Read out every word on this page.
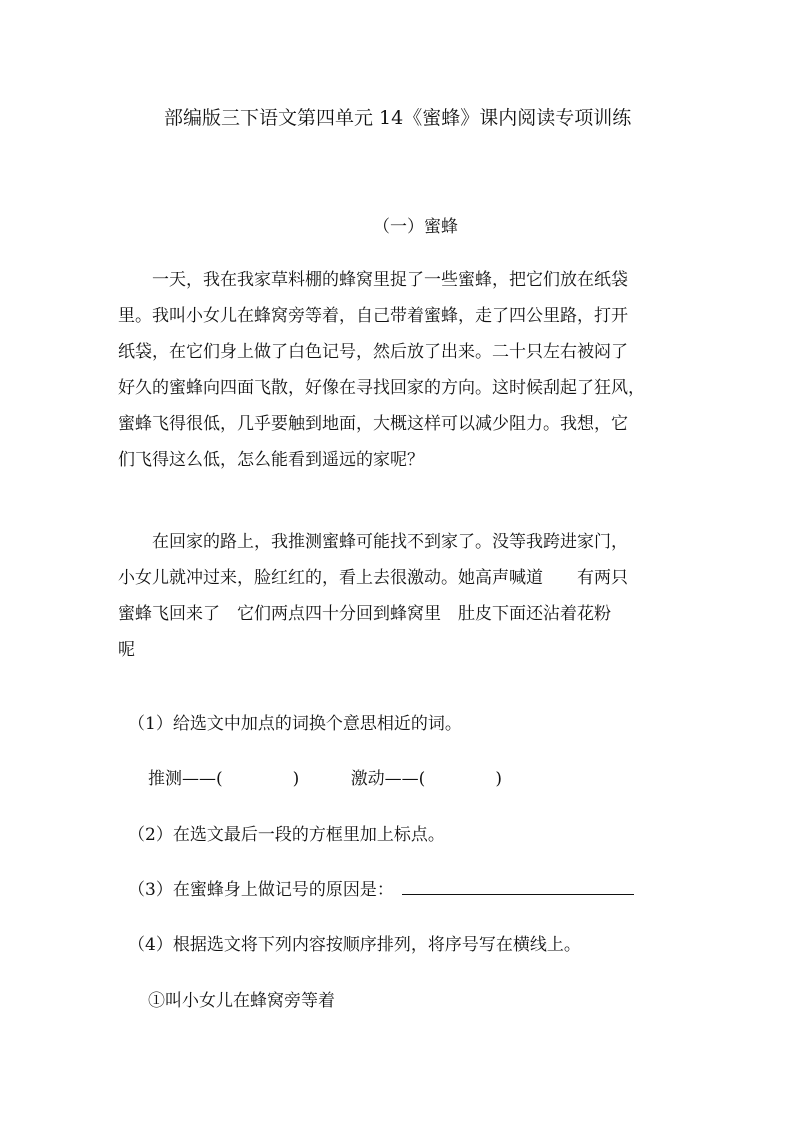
部编版三下语文第四单元 14《蜜蜂》课内阅读专项训练
（一）蜜蜂
一天，我在我家草料棚的蜂窝里捉了一些蜜蜂，把它们放在纸袋
里。我叫小女儿在蜂窝旁等着，自己带着蜜蜂，走了四公里路，打开
纸袋，在它们身上做了白色记号，然后放了出来。二十只左右被闷了
好久的蜜蜂向四面飞散，好像在寻找回家的方向。这时候刮起了狂风，
蜜蜂飞得很低，几乎要触到地面，大概这样可以减少阻力。我想，它
们飞得这么低，怎么能看到遥远的家呢？
在回家的路上，我推测蜜蜂可能找不到家了。没等我跨进家门，
小女儿就冲过来，脸红红的，看上去很激动。她高声喊道　　有两只
蜜蜂飞回来了　它们两点四十分回到蜂窝里　肚皮下面还沾着花粉
呢
（1）给选文中加点的词换个意思相近的词。
推测——(	)	激动——(	)
（2）在选文最后一段的方框里加上标点。
（3）在蜜蜂身上做记号的原因是：
（4）根据选文将下列内容按顺序排列，将序号写在横线上。
①叫小女儿在蜂窝旁等着
